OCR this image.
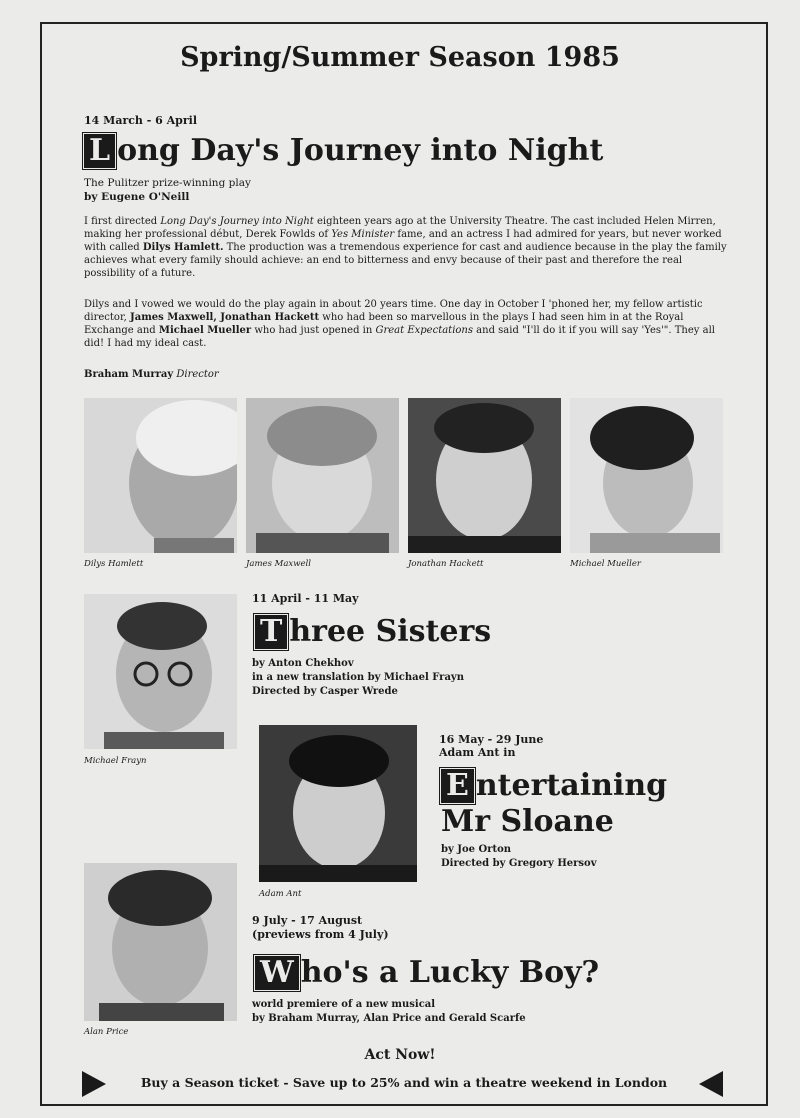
Spring/Summer Season 1985
14 March - 6 April
L ong Day's Journey into Night
The Pulitzer prize-winning play
by Eugene O'Neill
I first directed Long Day's Journey into Night eighteen years ago at the University Theatre. The cast included Helen Mirren, making her professional début, Derek Fowlds of Yes Minister fame, and an actress I had admired for years, but never worked with called Dilys Hamlett. The production was a tremendous experience for cast and audience because in the play the family achieves what every family should achieve: an end to bitterness and envy because of their past and therefore the real possibility of a future.
Dilys and I vowed we would do the play again in about 20 years time. One day in October I 'phoned her, my fellow artistic director, James Maxwell, Jonathan Hackett who had been so marvellous in the plays I had seen him in at the Royal Exchange and Michael Mueller who had just opened in Great Expectations and said "I'll do it if you will say 'Yes'". They all did! I had my ideal cast.
Braham Murray Director
Dilys Hamlett	James Maxwell	Jonathan Hackett	Michael Mueller
Michael Frayn
11 April - 11 May
T hree Sisters
by Anton Chekhov
in a new translation by Michael Frayn
Directed by Casper Wrede
Adam Ant
16 May - 29 June
Adam Ant in
E ntertaining
Mr Sloane
by Joe Orton
Directed by Gregory Hersov
Alan Price
9 July - 17 August
(previews from 4 July)
W ho's a Lucky Boy?
world premiere of a new musical
by Braham Murray, Alan Price and Gerald Scarfe
Act Now!
Buy a Season ticket - Save up to 25% and win a theatre weekend in London
